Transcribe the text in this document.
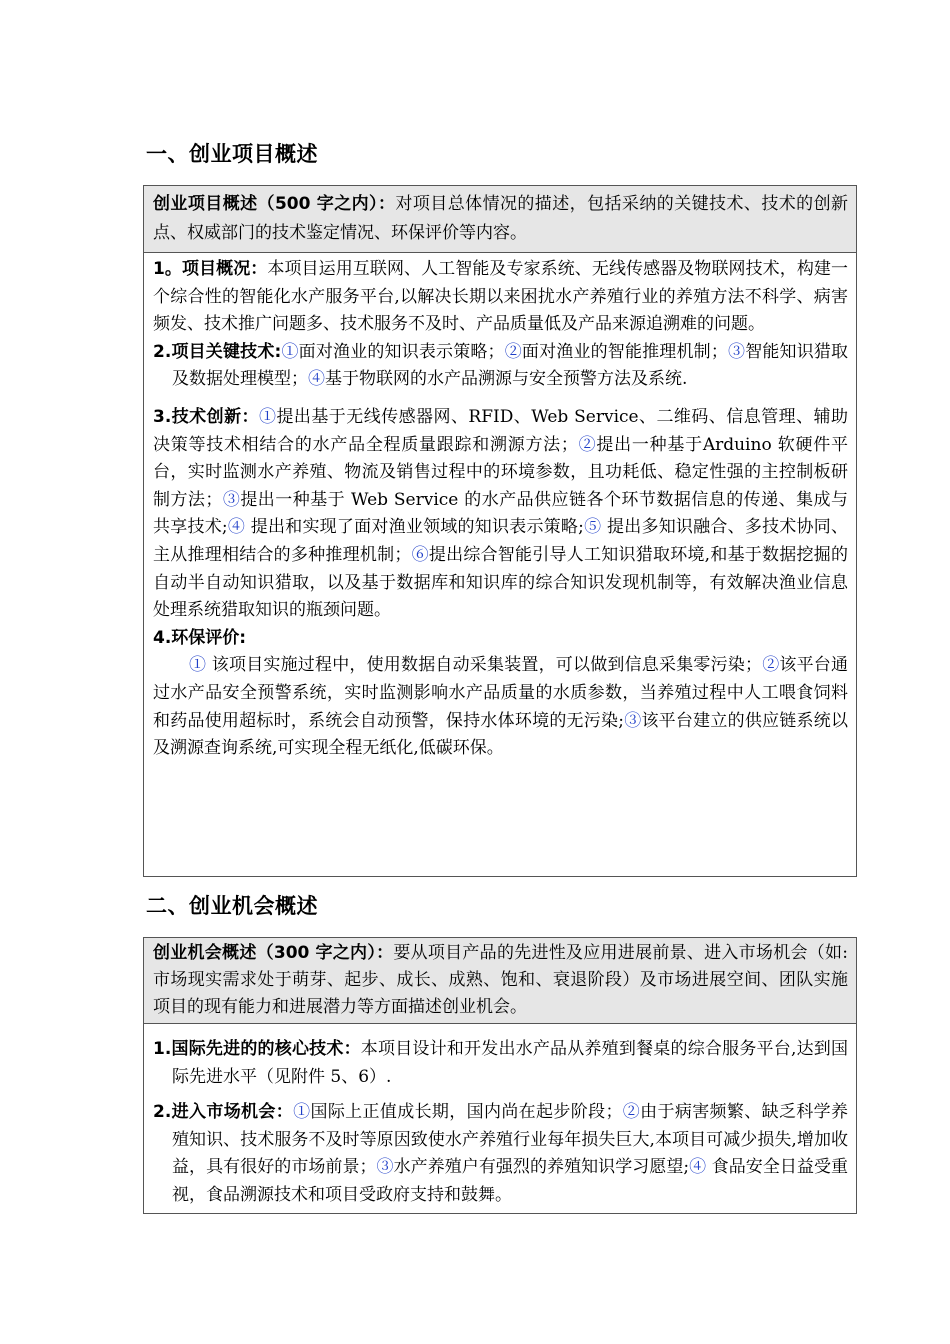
一、创业项目概述
创业项目概述（500 字之内）：对项目总体情况的描述，包括采纳的关键技术、技术的创新点、权威部门的技术鉴定情况、环保评价等内容。

1。项目概况：本项目运用互联网、人工智能及专家系统、无线传感器及物联网技术，构建一个综合性的智能化水产服务平台,以解决长期以来困扰水产养殖行业的养殖方法不科学、病害频发、技术推广问题多、技术服务不及时、产品质量低及产品来源追溯难的问题。

2.项目关键技术:①面对渔业的知识表示策略；②面对渔业的智能推理机制；③智能知识猎取及数据处理模型；④基于物联网的水产品溯源与安全预警方法及系统.

3.技术创新：①提出基于无线传感器网、RFID、Web Service、二维码、信息管理、辅助决策等技术相结合的水产品全程质量跟踪和溯源方法；②提出一种基于Arduino 软硬件平台，实时监测水产养殖、物流及销售过程中的环境参数，且功耗低、稳定性强的主控制板研制方法；③提出一种基于 Web Service 的水产品供应链各个环节数据信息的传递、集成与共享技术;④ 提出和实现了面对渔业领域的知识表示策略;⑤ 提出多知识融合、多技术协同、主从推理相结合的多种推理机制；⑥提出综合智能引导人工知识猎取环境,和基于数据挖掘的自动半自动知识猎取，以及基于数据库和知识库的综合知识发现机制等，有效解决渔业信息处理系统猎取知识的瓶颈问题。

4.环保评价:

① 该项目实施过程中，使用数据自动采集装置，可以做到信息采集零污染；②该平台通过水产品安全预警系统，实时监测影响水产品质量的水质参数，当养殖过程中人工喂食饲料和药品使用超标时，系统会自动预警，保持水体环境的无污染;③该平台建立的供应链系统以及溯源查询系统,可实现全程无纸化,低碳环保。

二、创业机会概述
创业机会概述（300 字之内）：要从项目产品的先进性及应用进展前景、进入市场机会（如:市场现实需求处于萌芽、起步、成长、成熟、饱和、衰退阶段）及市场进展空间、团队实施项目的现有能力和进展潜力等方面描述创业机会。

1.国际先进的的核心技术：本项目设计和开发出水产品从养殖到餐桌的综合服务平台,达到国际先进水平（见附件 5、6）.

2.进入市场机会：①国际上正值成长期，国内尚在起步阶段；②由于病害频繁、缺乏科学养殖知识、技术服务不及时等原因致使水产养殖行业每年损失巨大,本项目可减少损失,增加收益，具有很好的市场前景；③水产养殖户有强烈的养殖知识学习愿望;④ 食品安全日益受重视，食品溯源技术和项目受政府支持和鼓舞。
